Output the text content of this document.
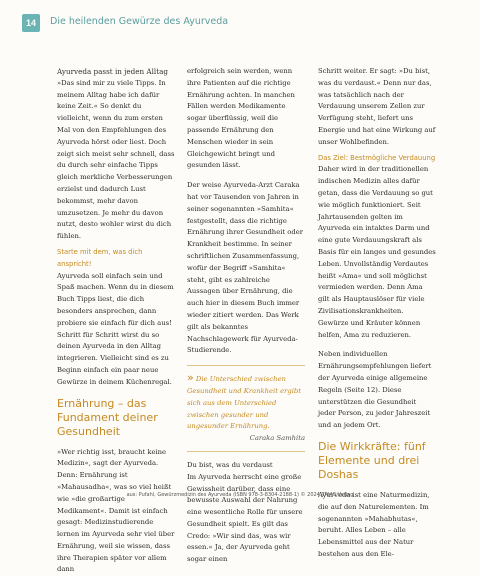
14	Die heilenden Gewürze des Ayurveda

Ayurveda passt in jeden Alltag

»Das sind mir zu viele Tipps. In meinem Alltag habe ich dafür keine Zeit.« So denkt du vielleicht, wenn du zum ersten Mal von den Empfehlungen des Ayurveda hörst oder liest. Doch zeigt sich meist sehr schnell, dass du durch sehr einfache Tipps gleich merkliche Verbesserungen erzielst und dadurch Lust bekommst, mehr davon umzusetzen. Je mehr du davon nutzt, desto wohler wirst du dich fühlen.

Starte mit dem, was dich anspricht!

Ayurveda soll einfach sein und Spaß machen. Wenn du in diesem Buch Tipps liest, die dich besonders ansprechen, dann probiere sie einfach für dich aus! Schritt für Schritt wirst du so deinen Ayurveda in den Alltag integrieren. Vielleicht sind es zu Beginn einfach ein paar neue Gewürze in deinem Küchenregal.

Ernährung – das Fundament deiner Gesundheit

»Wer richtig isst, braucht keine Medizin«, sagt der Ayurveda. Denn: Ernährung ist »Mahausadha«, was so viel heißt wie »die großartige Medikament«. Damit ist einfach gesagt: Medizinstudierende lernen im Ayurveda sehr viel über Ernährung, weil sie wissen, dass ihre Therapien später vor allem dann

erfolgreich sein werden, wenn ihre Patienten auf die richtige Ernährung achten. In manchen Fällen werden Medikamente sogar überflüssig, weil die passende Ernährung den Menschen wieder in sein Gleichgewicht bringt und gesunden lässt.

Der weise Ayurveda-Arzt Caraka hat vor Tausenden von Jahren in seiner sogenannten »Samhita« festgestellt, dass die richtige Ernährung ihrer Gesundheit oder Krankheit bestimme. In seiner schriftlichen Zusammenfassung, wofür der Begriff »Samhita« steht, gibt es zahlreiche Aussagen über Ernährung, die auch hier in diesem Buch immer wieder zitiert werden. Das Werk gilt als bekanntes Nachschlagewerk für Ayurveda-Studierende.

» Die Unterschied zwischen Gesundheit und Krankheit ergibt sich aus dem Unterschied zwischen gesunder und ungesunder Ernährung.
Caraka Samhita

Du bist, was du verdaust

Im Ayurveda herrscht eine große Gewissheit darüber, dass eine bewusste Auswahl der Nahrung eine wesentliche Rolle für unsere Gesundheit spielt. Es gilt das Credo: »Wir sind das, was wir essen.« Ja, der Ayurveda geht sogar einen

Schritt weiter. Er sagt: »Du bist, was du verdaust.« Denn nur das, was tatsächlich nach der Verdauung unserem Zellen zur Verfügung steht, liefert uns Energie und hat eine Wirkung auf unser Wohlbefinden.

Das Ziel: Bestmögliche Verdauung

Daher wird in der traditionellen indischen Medizin alles dafür getan, dass die Verdauung so gut wie möglich funktioniert. Seit Jahrtausenden gelten im Ayurveda ein intaktes Darm und eine gute Verdauungskraft als Basis für ein langes und gesundes Leben. Unvollständig Verdautes heißt »Ama« und soll möglichst vermieden werden. Denn Ama gilt als Hauptauslöser für viele Zivilisationskrankheiten. Gewürze und Kräuter können helfen, Ama zu reduzieren.

Neben individuellen Ernährungsempfehlungen liefert der Ayurveda einige allgemeine Regeln (Seite 12). Diese unterstützen die Gesundheit jeder Person, zu jeder Jahreszeit und an jedem Ort.

Die Wirkkräfte: fünf Elemente und drei Doshas

Ayurveda ist eine Naturmedizin, die auf den Naturelementen. Im sogenannten »Mahabhutas«, beruht. Alles Leben – alle Lebensmittel aus der Natur bestehen aus den Ele-

aus: Pufahl, Gewürzmedizin des Ayurveda (ISBN 978-3-8304-2188-1) © 2024 TRIAS Verlag
